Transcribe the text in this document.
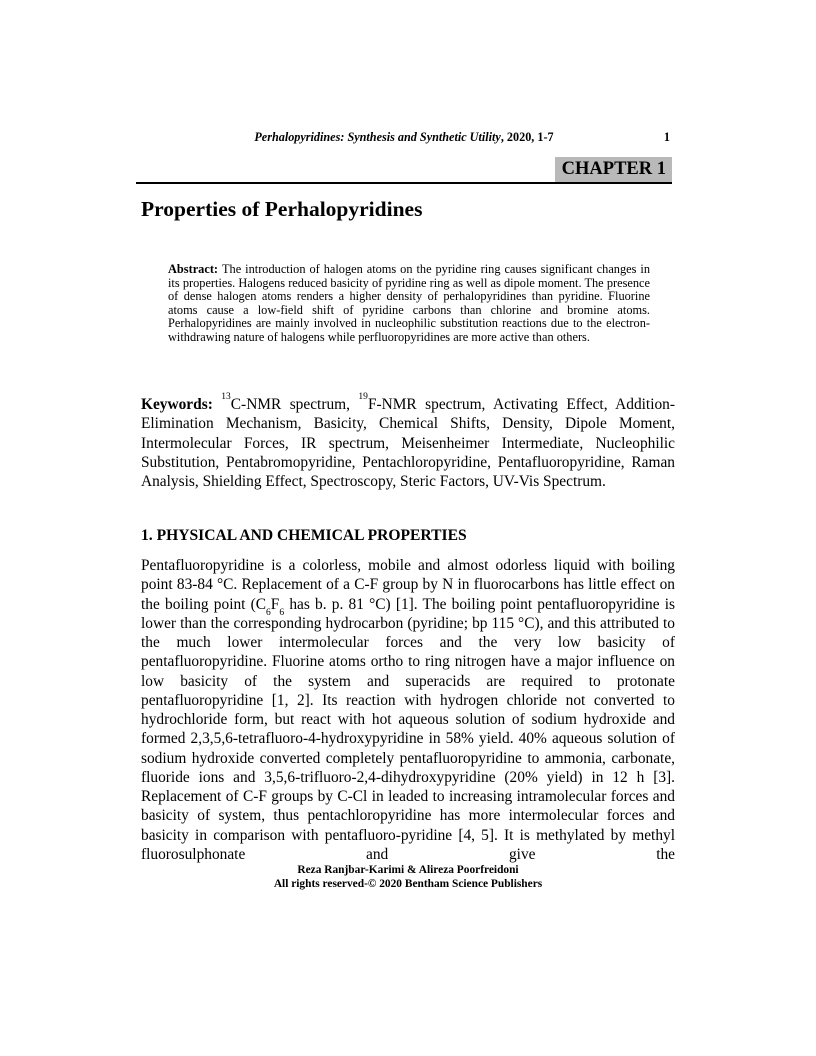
Perhalopyridines: Synthesis and Synthetic Utility, 2020, 1-7	1
CHAPTER 1
Properties of Perhalopyridines

Abstract: The introduction of halogen atoms on the pyridine ring causes significant changes in its properties. Halogens reduced basicity of pyridine ring as well as dipole moment. The presence of dense halogen atoms renders a higher density of perhalopyridines than pyridine. Fluorine atoms cause a low-field shift of pyridine carbons than chlorine and bromine atoms. Perhalopyridines are mainly involved in nucleophilic substitution reactions due to the electron-withdrawing nature of halogens while perfluoropyridines are more active than others.

Keywords: $^{13}$C-NMR spectrum, $^{19}$F-NMR spectrum, Activating Effect, Addition-Elimination Mechanism, Basicity, Chemical Shifts, Density, Dipole Moment, Intermolecular Forces, IR spectrum, Meisenheimer Intermediate, Nucleophilic Substitution, Pentabromopyridine, Pentachloropyridine, Pentafluoropyridine, Raman Analysis, Shielding Effect, Spectroscopy, Steric Factors, UV-Vis Spectrum.

1. PHYSICAL AND CHEMICAL PROPERTIES

Pentafluoropyridine is a colorless, mobile and almost odorless liquid with boiling point 83-84 °C. Replacement of a C-F group by N in fluorocarbons has little effect on the boiling point ($C_6F_6$ has b. p. 81 °C) [1]. The boiling point pentafluoropyridine is lower than the corresponding hydrocarbon (pyridine; bp 115 °C), and this attributed to the much lower intermolecular forces and the very low basicity of pentafluoropyridine. Fluorine atoms ortho to ring nitrogen have a major influence on low basicity of the system and superacids are required to protonate pentafluoropyridine [1, 2]. Its reaction with hydrogen chloride not converted to hydrochloride form, but react with hot aqueous solution of sodium hydroxide and formed 2,3,5,6-tetrafluoro-4-hydroxypyridine in 58% yield. 40% aqueous solution of sodium hydroxide converted completely pentafluoropyridine to ammonia, carbonate, fluoride ions and 3,5,6-trifluoro-2,4-dihydroxypyridine (20% yield) in 12 h [3]. Replacement of C-F groups by C-Cl in leaded to increasing intramolecular forces and basicity of system, thus pentachloropyridine has more intermolecular forces and basicity in comparison with pentafluoro-pyridine [4, 5]. It is methylated by methyl fluorosulphonate and give the

Reza Ranjbar-Karimi & Alireza Poorfreidoni
All rights reserved-© 2020 Bentham Science Publishers
